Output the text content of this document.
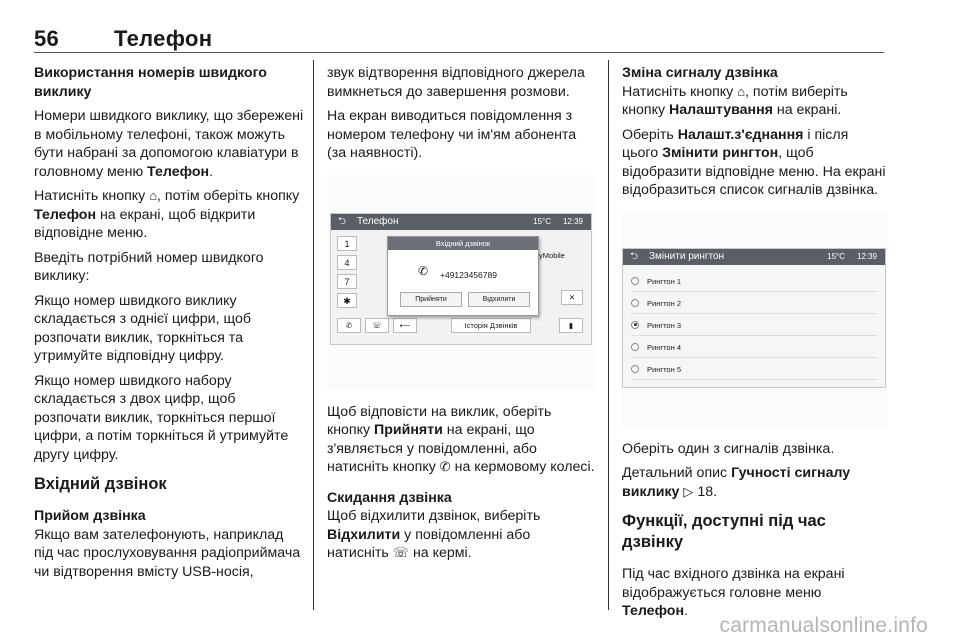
56 Телефон

Використання номерів швидкого виклику

Номери швидкого виклику, що збережені в мобільному телефоні, також можуть бути набрані за допомогою клавіатури в головному меню Телефон.

Натисніть кнопку ⌂, потім оберіть кнопку Телефон на екрані, щоб відкрити відповідне меню.

Введіть потрібний номер швидкого виклику:

Якщо номер швидкого виклику складається з однієї цифри, щоб розпочати виклик, торкніться та утримуйте відповідну цифру.

Якщо номер швидкого набору складається з двох цифр, щоб розпочати виклик, торкніться першої цифри, а потім торкніться й утримуйте другу цифру.

Вхідний дзвінок

Прийом дзвінка

Якщо вам зателефонують, наприклад під час прослуховування радіоприймача чи відтворення вмісту USB-носія,

звук відтворення відповідного джерела вимкнеться до завершення розмови.

На екран виводиться повідомлення з номером телефону чи ім'ям абонента (за наявності).

⮌ Телефон	15°C 12:39
1
4
7
✱
yMobile
✕
✆	☏	⟵	Історія Дзвінків	▮
Вхідний дзвінок
✆ +49123456789
Прийняти	Відхилити

Щоб відповісти на виклик, оберіть кнопку Прийняти на екрані, що з'являється у повідомленні, або натисніть кнопку ✆ на кермовому колесі.

Скидання дзвінка

Щоб відхилити дзвінок, виберіть Відхилити у повідомленні або натисніть ☏ на кермі.

Зміна сигналу дзвінка

Натисніть кнопку ⌂, потім виберіть кнопку Налаштування на екрані.

Оберіть Налашт.з'єднання і після цього Змінити рингтон, щоб відобразити відповідне меню. На екрані відобразиться список сигналів дзвінка.

⮌ Змінити рингтон	15°C 12:39
Рингтон 1
Рингтон 2
Рингтон 3
Рингтон 4
Рингтон 5

Оберіть один з сигналів дзвінка.

Детальний опис Гучності сигналу виклику ▷ 18.

Функції, доступні під час дзвінку

Під час вхідного дзвінка на екрані відображується головне меню Телефон.

carmanualsonline.info
